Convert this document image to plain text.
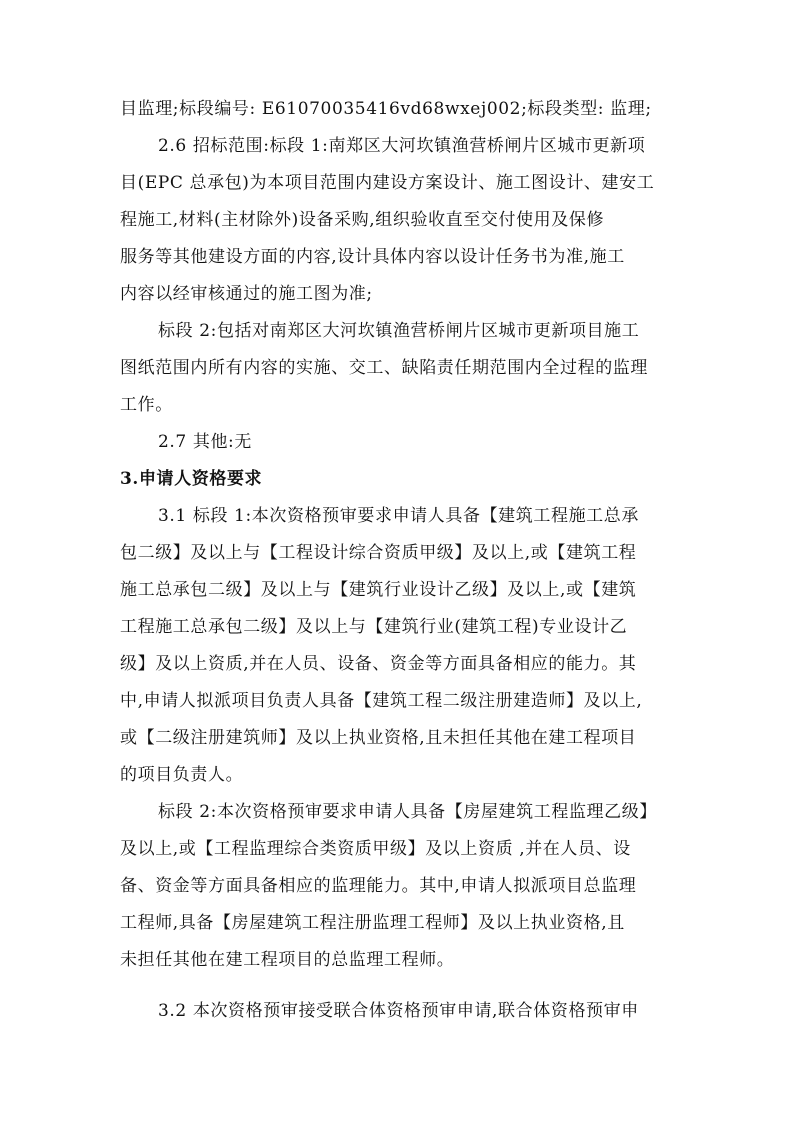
目监理;标段编号: E61070035416vd68wxej002;标段类型: 监理;
2.6 招标范围:标段 1:南郑区大河坎镇渔营桥闸片区城市更新项
目(EPC 总承包)为本项目范围内建设方案设计、施工图设计、建安工
程施工,材料(主材除外)设备采购,组织验收直至交付使用及保修
服务等其他建设方面的内容,设计具体内容以设计任务书为准,施工
内容以经审核通过的施工图为准;
标段 2:包括对南郑区大河坎镇渔营桥闸片区城市更新项目施工
图纸范围内所有内容的实施、交工、缺陷责任期范围内全过程的监理
工作。
2.7 其他:无
3.申请人资格要求
3.1 标段 1:本次资格预审要求申请人具备【建筑工程施工总承
包二级】及以上与【工程设计综合资质甲级】及以上,或【建筑工程
施工总承包二级】及以上与【建筑行业设计乙级】及以上,或【建筑
工程施工总承包二级】及以上与【建筑行业(建筑工程)专业设计乙
级】及以上资质,并在人员、设备、资金等方面具备相应的能力。其
中,申请人拟派项目负责人具备【建筑工程二级注册建造师】及以上,
或【二级注册建筑师】及以上执业资格,且未担任其他在建工程项目
的项目负责人。
标段 2:本次资格预审要求申请人具备【房屋建筑工程监理乙级】
及以上,或【工程监理综合类资质甲级】及以上资质 ,并在人员、设
备、资金等方面具备相应的监理能力。其中,申请人拟派项目总监理
工程师,具备【房屋建筑工程注册监理工程师】及以上执业资格,且
未担任其他在建工程项目的总监理工程师。
3.2 本次资格预审接受联合体资格预审申请,联合体资格预审申
